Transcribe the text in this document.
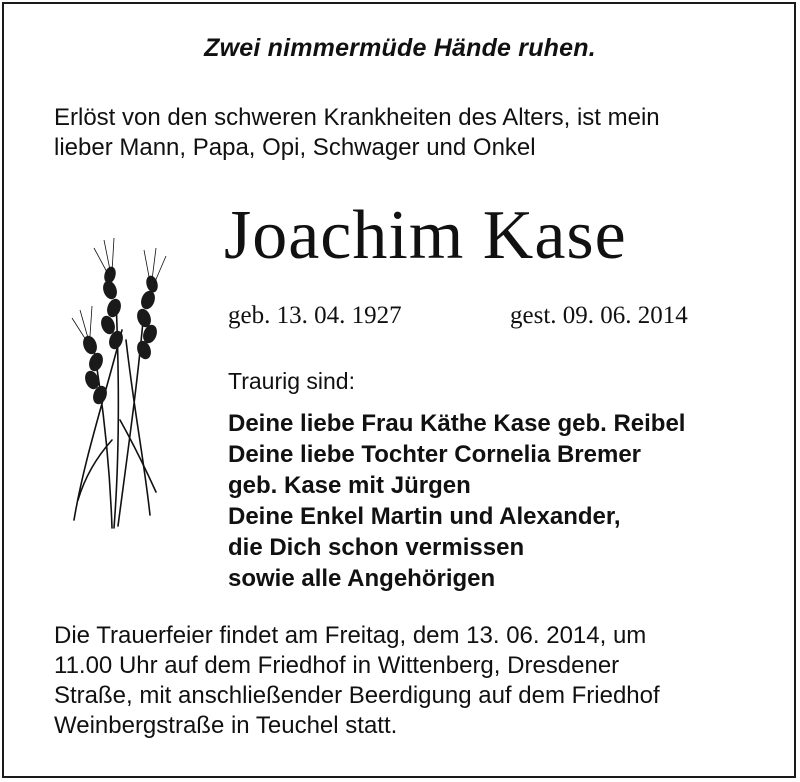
Zwei nimmermüde Hände ruhen.
Erlöst von den schweren Krankheiten des Alters, ist mein
lieber Mann, Papa, Opi, Schwager und Onkel
Joachim Kase
geb. 13. 04. 1927	gest. 09. 06. 2014
Traurig sind:
Deine liebe Frau Käthe Kase geb. Reibel
Deine liebe Tochter Cornelia Bremer
geb. Kase mit Jürgen
Deine Enkel Martin und Alexander,
die Dich schon vermissen
sowie alle Angehörigen
Die Trauerfeier findet am Freitag, dem 13. 06. 2014, um
11.00 Uhr auf dem Friedhof in Wittenberg, Dresdener
Straße, mit anschließender Beerdigung auf dem Friedhof
Weinbergstraße in Teuchel statt.
